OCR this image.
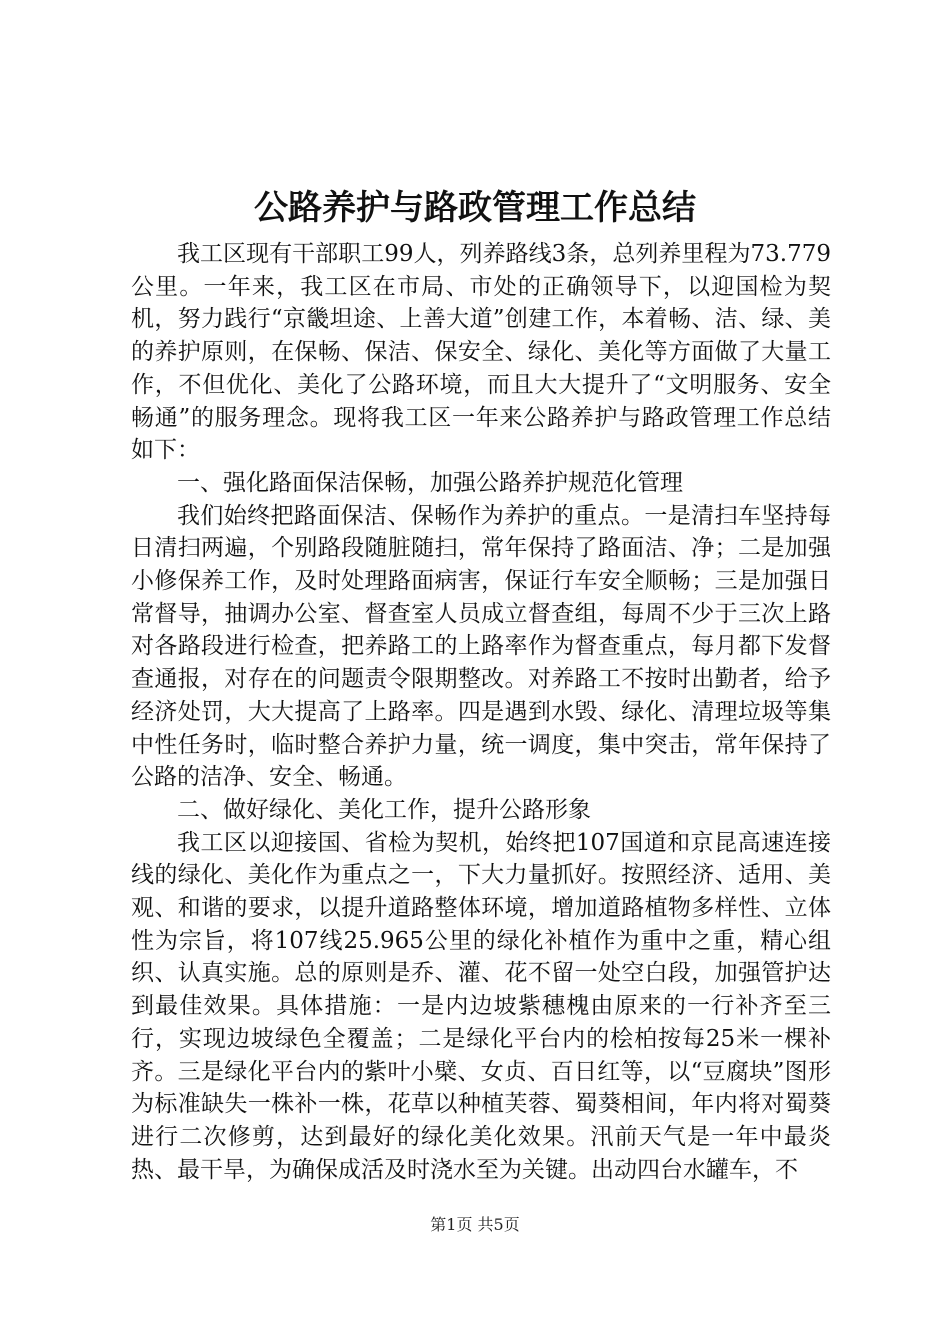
公路养护与路政管理工作总结

我工区现有干部职工99人，列养路线3条，总列养里程为73.779公里。一年来，我工区在市局、市处的正确领导下，以迎国检为契机，努力践行“京畿坦途、上善大道”创建工作，本着畅、洁、绿、美的养护原则，在保畅、保洁、保安全、绿化、美化等方面做了大量工作，不但优化、美化了公路环境，而且大大提升了“文明服务、安全畅通”的服务理念。现将我工区一年来公路养护与路政管理工作总结如下：

一、强化路面保洁保畅，加强公路养护规范化管理

我们始终把路面保洁、保畅作为养护的重点。一是清扫车坚持每日清扫两遍，个别路段随脏随扫，常年保持了路面洁、净；二是加强小修保养工作，及时处理路面病害，保证行车安全顺畅；三是加强日常督导，抽调办公室、督查室人员成立督查组，每周不少于三次上路对各路段进行检查，把养路工的上路率作为督查重点，每月都下发督查通报，对存在的问题责令限期整改。对养路工不按时出勤者，给予经济处罚，大大提高了上路率。四是遇到水毁、绿化、清理垃圾等集中性任务时，临时整合养护力量，统一调度，集中突击，常年保持了公路的洁净、安全、畅通。

二、做好绿化、美化工作，提升公路形象

我工区以迎接国、省检为契机，始终把107国道和京昆高速连接线的绿化、美化作为重点之一，下大力量抓好。按照经济、适用、美观、和谐的要求，以提升道路整体环境，增加道路植物多样性、立体性为宗旨，将107线25.965公里的绿化补植作为重中之重，精心组织、认真实施。总的原则是乔、灌、花不留一处空白段，加强管护达到最佳效果。具体措施：一是内边坡紫穗槐由原来的一行补齐至三行，实现边坡绿色全覆盖；二是绿化平台内的桧柏按每25米一棵补齐。三是绿化平台内的紫叶小檗、女贞、百日红等，以“豆腐块”图形为标准缺失一株补一株，花草以种植芙蓉、蜀葵相间，年内将对蜀葵进行二次修剪，达到最好的绿化美化效果。汛前天气是一年中最炎热、最干旱，为确保成活及时浇水至为关键。出动四台水罐车，不

第1页 共5页
